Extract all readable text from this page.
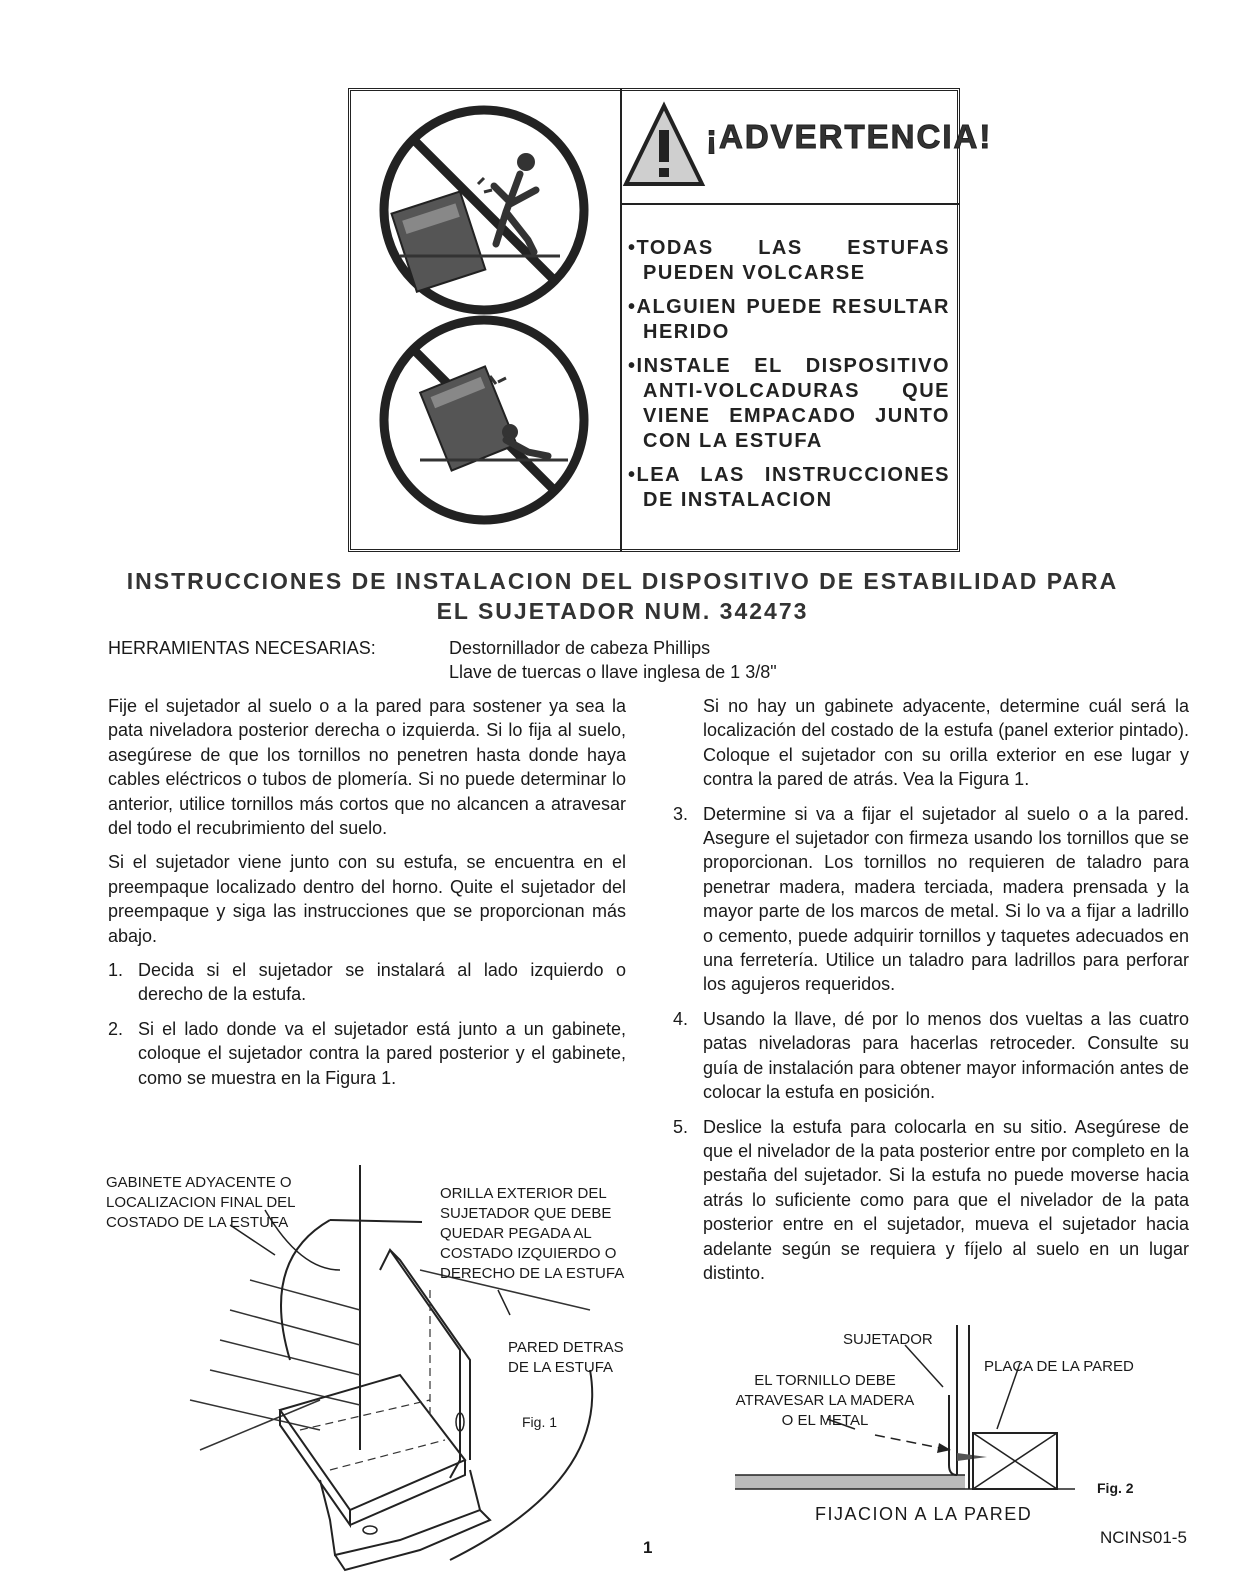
¡ADVERTENCIA!
• TODAS LAS ESTUFAS PUEDEN VOLCARSE
• ALGUIEN PUEDE RESULTAR HERIDO
• INSTALE EL DISPOSITIVO ANTI-VOLCADURAS QUE VIENE EMPACADO JUNTO CON LA ESTUFA
• LEA LAS INSTRUCCIONES DE INSTALACION
INSTRUCCIONES DE INSTALACION DEL DISPOSITIVO DE ESTABILIDAD PARA
EL SUJETADOR NUM. 342473
HERRAMIENTAS NECESARIAS:	Destornillador de cabeza Phillips
Llave de tuercas o llave inglesa de 1 3/8"

Fije el sujetador al suelo o a la pared para sostener ya sea la pata niveladora posterior derecha o izquierda. Si lo fija al suelo, asegúrese de que los tornillos no penetren hasta donde haya cables eléctricos o tubos de plomería. Si no puede determinar lo anterior, utilice tornillos más cortos que no alcancen a atravesar del todo el recubrimiento del suelo.

Si el sujetador viene junto con su estufa, se encuentra en el preempaque localizado dentro del horno. Quite el sujetador del preempaque y siga las instrucciones que se proporcionan más abajo.

1. Decida si el sujetador se instalará al lado izquierdo o derecho de la estufa.
2. Si el lado donde va el sujetador está junto a un gabinete, coloque el sujetador contra la pared posterior y el gabinete, como se muestra en la Figura 1.

Si no hay un gabinete adyacente, determine cuál será la localización del costado de la estufa (panel exterior pintado). Coloque el sujetador con su orilla exterior en ese lugar y contra la pared de atrás. Vea la Figura 1.

3. Determine si va a fijar el sujetador al suelo o a la pared. Asegure el sujetador con firmeza usando los tornillos que se proporcionan. Los tornillos no requieren de taladro para penetrar madera, madera terciada, madera prensada y la mayor parte de los marcos de metal. Si lo va a fijar a ladrillo o cemento, puede adquirir tornillos y taquetes adecuados en una ferretería. Utilice un taladro para ladrillos para perforar los agujeros requeridos.
4. Usando la llave, dé por lo menos dos vueltas a las cuatro patas niveladoras para hacerlas retroceder. Consulte su guía de instalación para obtener mayor información antes de colocar la estufa en posición.
5. Deslice la estufa para colocarla en su sitio. Asegúrese de que el nivelador de la pata posterior entre por completo en la pestaña del sujetador. Si la estufa no puede moverse hacia atrás lo suficiente como para que el nivelador de la pata posterior entre en el sujetador, mueva el sujetador hacia adelante según se requiera y fíjelo al suelo en un lugar distinto.
GABINETE ADYACENTE O
LOCALIZACION FINAL DEL
COSTADO DE LA ESTUFA
ORILLA EXTERIOR DEL
SUJETADOR QUE DEBE
QUEDAR PEGADA AL
COSTADO IZQUIERDO O
DERECHO DE LA ESTUFA
PARED DETRAS
DE LA ESTUFA
Fig. 1
SUJETADOR
EL TORNILLO DEBE
ATRAVESAR LA MADERA
O EL METAL
PLACA DE LA PARED
Fig. 2
FIJACION A LA PARED
1
NCINS01-5
